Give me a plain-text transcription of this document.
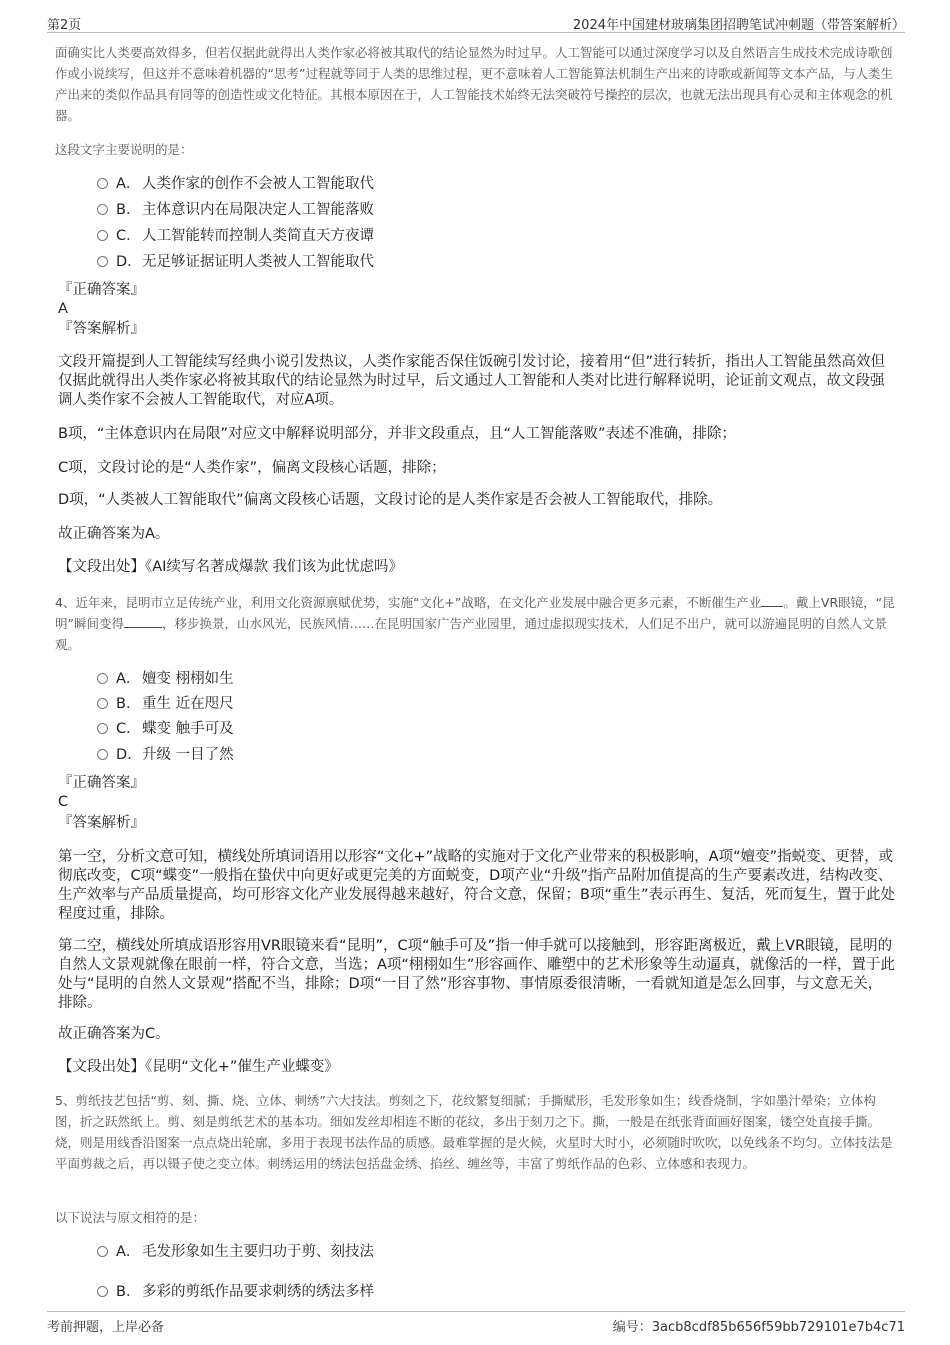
第2页	2024年中国建材玻璃集团招聘笔试冲刺题（带答案解析）

面确实比人类要高效得多，但若仅据此就得出人类作家必将被其取代的结论显然为时过早。人工智能可以通过深度学习以及自然语言生成技术完成诗歌创作或小说续写，但这并不意味着机器的“思考”过程就等同于人类的思维过程，更不意味着人工智能算法机制生产出来的诗歌或新闻等文本产品，与人类生产出来的类似作品具有同等的创造性或文化特征。其根本原因在于，人工智能技术始终无法突破符号操控的层次，也就无法出现具有心灵和主体观念的机器。

这段文字主要说明的是：

A． 人类作家的创作不会被人工智能取代
B． 主体意识内在局限决定人工智能落败
C．人工智能转而控制人类简直天方夜谭
D．无足够证据证明人类被人工智能取代
『正确答案』
A
『答案解析』

文段开篇提到人工智能续写经典小说引发热议，人类作家能否保住饭碗引发讨论，接着用“但”进行转折，指出人工智能虽然高效但仅据此就得出人类作家必将被其取代的结论显然为时过早，后文通过人工智能和人类对比进行解释说明，论证前文观点，故文段强调人类作家不会被人工智能取代，对应A项。

B项，“主体意识内在局限”对应文中解释说明部分，并非文段重点，且“人工智能落败”表述不准确，排除；

C项，文段讨论的是“人类作家”，偏离文段核心话题，排除；

D项，“人类被人工智能取代”偏离文段核心话题，文段讨论的是人类作家是否会被人工智能取代，排除。

故正确答案为A。

【文段出处】《AI续写名著成爆款 我们该为此忧虑吗》

4、近年来，昆明市立足传统产业，利用文化资源禀赋优势，实施“文化+”战略，在文化产业发展中融合更多元素，不断催生产业 。戴上VR眼镜，“昆明”瞬间变得	，移步换景，山水风光，民族风情……在昆明国家广告产业园里，通过虚拟现实技术，人们足不出户，就可以游遍昆明的自然人文景观。

A． 嬗变 栩栩如生
B． 重生 近在咫尺
C．蝶变 触手可及
D．升级 一目了然
『正确答案』
C
『答案解析』

第一空，分析文意可知，横线处所填词语用以形容“文化+”战略的实施对于文化产业带来的积极影响，A项“嬗变”指蜕变、更替，或彻底改变，C项“蝶变”一般指在蛰伏中向更好或更完美的方面蜕变，D项产业“升级”指产品附加值提高的生产要素改进，结构改变、生产效率与产品质量提高，均可形容文化产业发展得越来越好，符合文意，保留；B项“重生”表示再生、复活，死而复生，置于此处程度过重，排除。

第二空，横线处所填成语形容用VR眼镜来看“昆明”，C项“触手可及”指一伸手就可以接触到，形容距离极近，戴上VR眼镜，昆明的自然人文景观就像在眼前一样，符合文意，当选；A项“栩栩如生”形容画作、雕塑中的艺术形象等生动逼真，就像活的一样，置于此处与“昆明的自然人文景观”搭配不当，排除；D项“一目了然”形容事物、事情原委很清晰，一看就知道是怎么回事，与文意无关，排除。

故正确答案为C。

【文段出处】《昆明“文化+”催生产业蝶变》

5、剪纸技艺包括“剪、刻、撕、烧、立体、刺绣”六大技法。剪刻之下，花纹繁复细腻；手撕赋形，毛发形象如生；线香烧制，字如墨汁晕染；立体构图，折之跃然纸上。剪、刻是剪纸艺术的基本功。细如发丝却相连不断的花纹，多出于刻刀之下。撕，一般是在纸张背面画好图案，镂空处直接手撕。烧，则是用线香沿图案一点点烧出轮廓，多用于表现书法作品的质感。最难掌握的是火候，火星时大时小，必须随时吹吹，以免线条不均匀。立体技法是平面剪裁之后，再以镊子使之变立体。刺绣运用的绣法包括盘金绣、掐丝、缠丝等，丰富了剪纸作品的色彩、立体感和表现力。

以下说法与原文相符的是：

A． 毛发形象如生主要归功于剪、刻技法
B． 多彩的剪纸作品要求刺绣的绣法多样
考前押题，上岸必备	编号：3acb8cdf85b656f59bb729101e7b4c71
